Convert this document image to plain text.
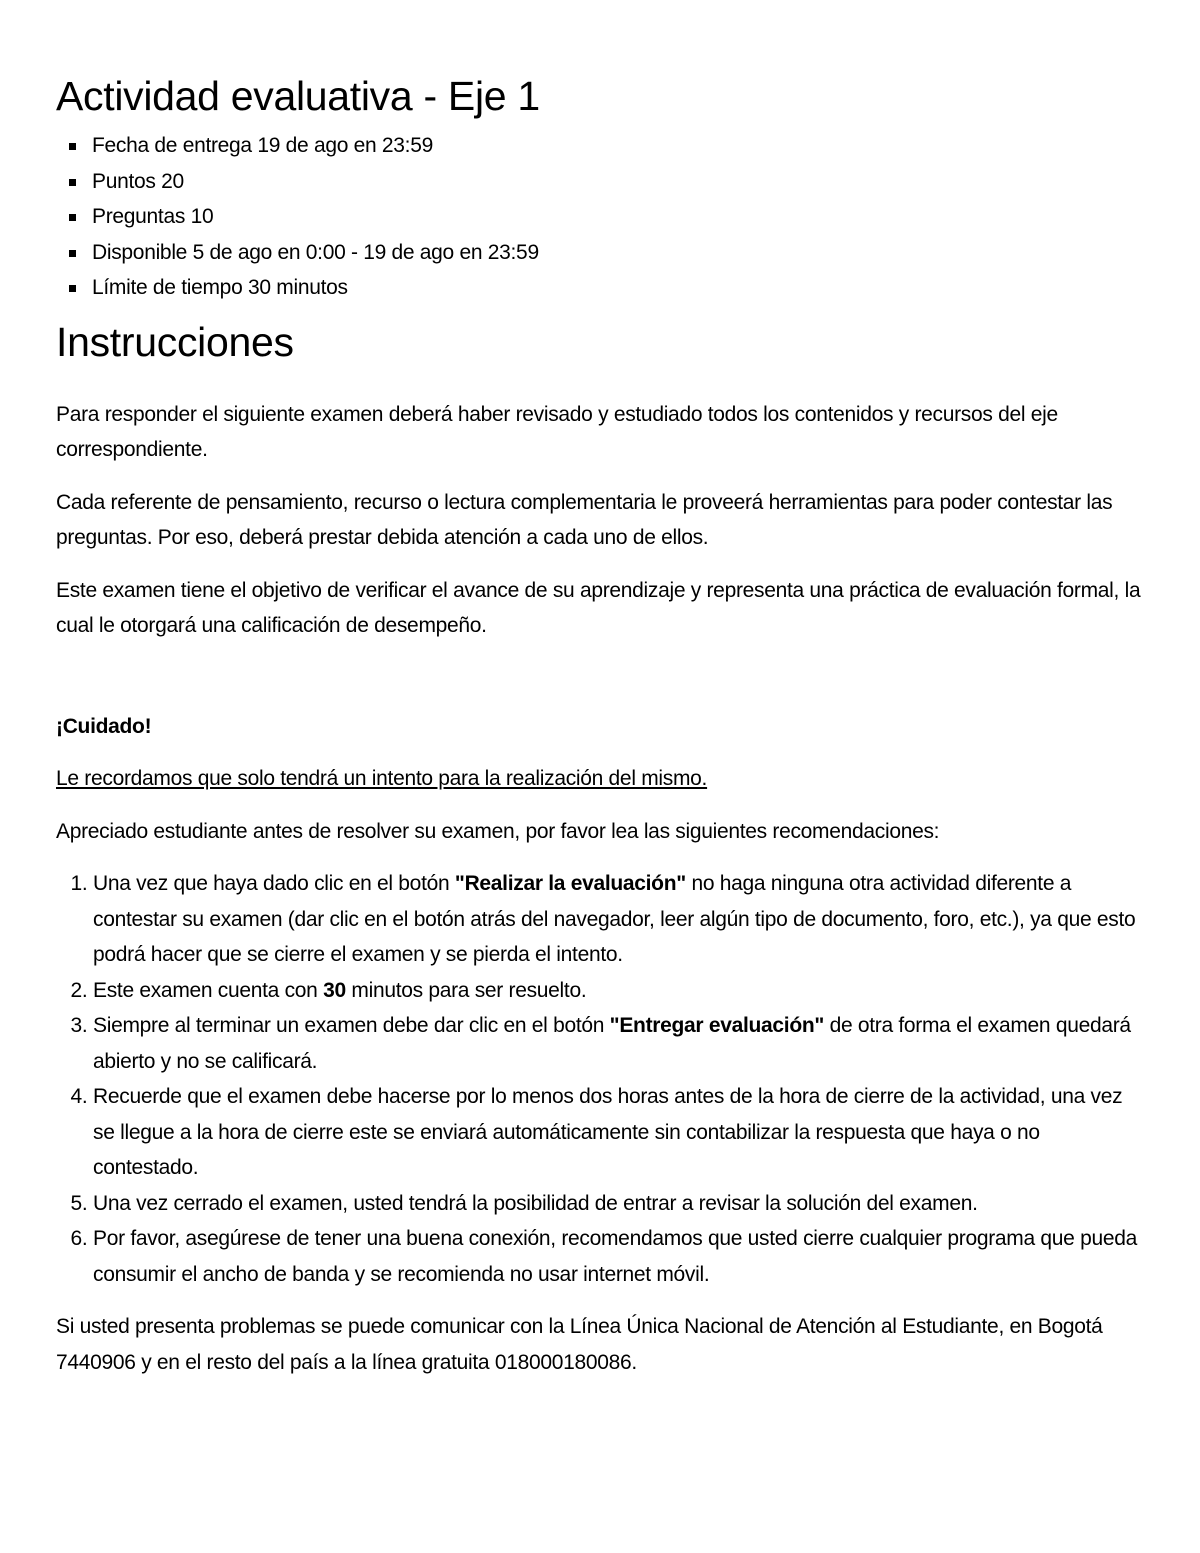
Actividad evaluativa - Eje 1
Fecha de entrega 19 de ago en 23:59
Puntos 20
Preguntas 10
Disponible 5 de ago en 0:00 - 19 de ago en 23:59
Límite de tiempo 30 minutos
Instrucciones

Para responder el siguiente examen deberá haber revisado y estudiado todos los contenidos y recursos del eje correspondiente.

Cada referente de pensamiento, recurso o lectura complementaria le proveerá herramientas para poder contestar las preguntas. Por eso, deberá prestar debida atención a cada uno de ellos.

Este examen tiene el objetivo de verificar el avance de su aprendizaje y representa una práctica de evaluación formal, la cual le otorgará una calificación de desempeño.

¡Cuidado!

Le recordamos que solo tendrá un intento para la realización del mismo.

Apreciado estudiante antes de resolver su examen, por favor lea las siguientes recomendaciones:

1. Una vez que haya dado clic en el botón "Realizar la evaluación" no haga ninguna otra actividad diferente a contestar su examen (dar clic en el botón atrás del navegador, leer algún tipo de documento, foro, etc.), ya que esto podrá hacer que se cierre el examen y se pierda el intento.
2. Este examen cuenta con 30 minutos para ser resuelto.
3. Siempre al terminar un examen debe dar clic en el botón "Entregar evaluación" de otra forma el examen quedará abierto y no se calificará.
4. Recuerde que el examen debe hacerse por lo menos dos horas antes de la hora de cierre de la actividad, una vez se llegue a la hora de cierre este se enviará automáticamente sin contabilizar la respuesta que haya o no contestado.
5. Una vez cerrado el examen, usted tendrá la posibilidad de entrar a revisar la solución del examen.
6. Por favor, asegúrese de tener una buena conexión, recomendamos que usted cierre cualquier programa que pueda consumir el ancho de banda y se recomienda no usar internet móvil.

Si usted presenta problemas se puede comunicar con la Línea Única Nacional de Atención al Estudiante, en Bogotá 7440906 y en el resto del país a la línea gratuita 018000180086.
